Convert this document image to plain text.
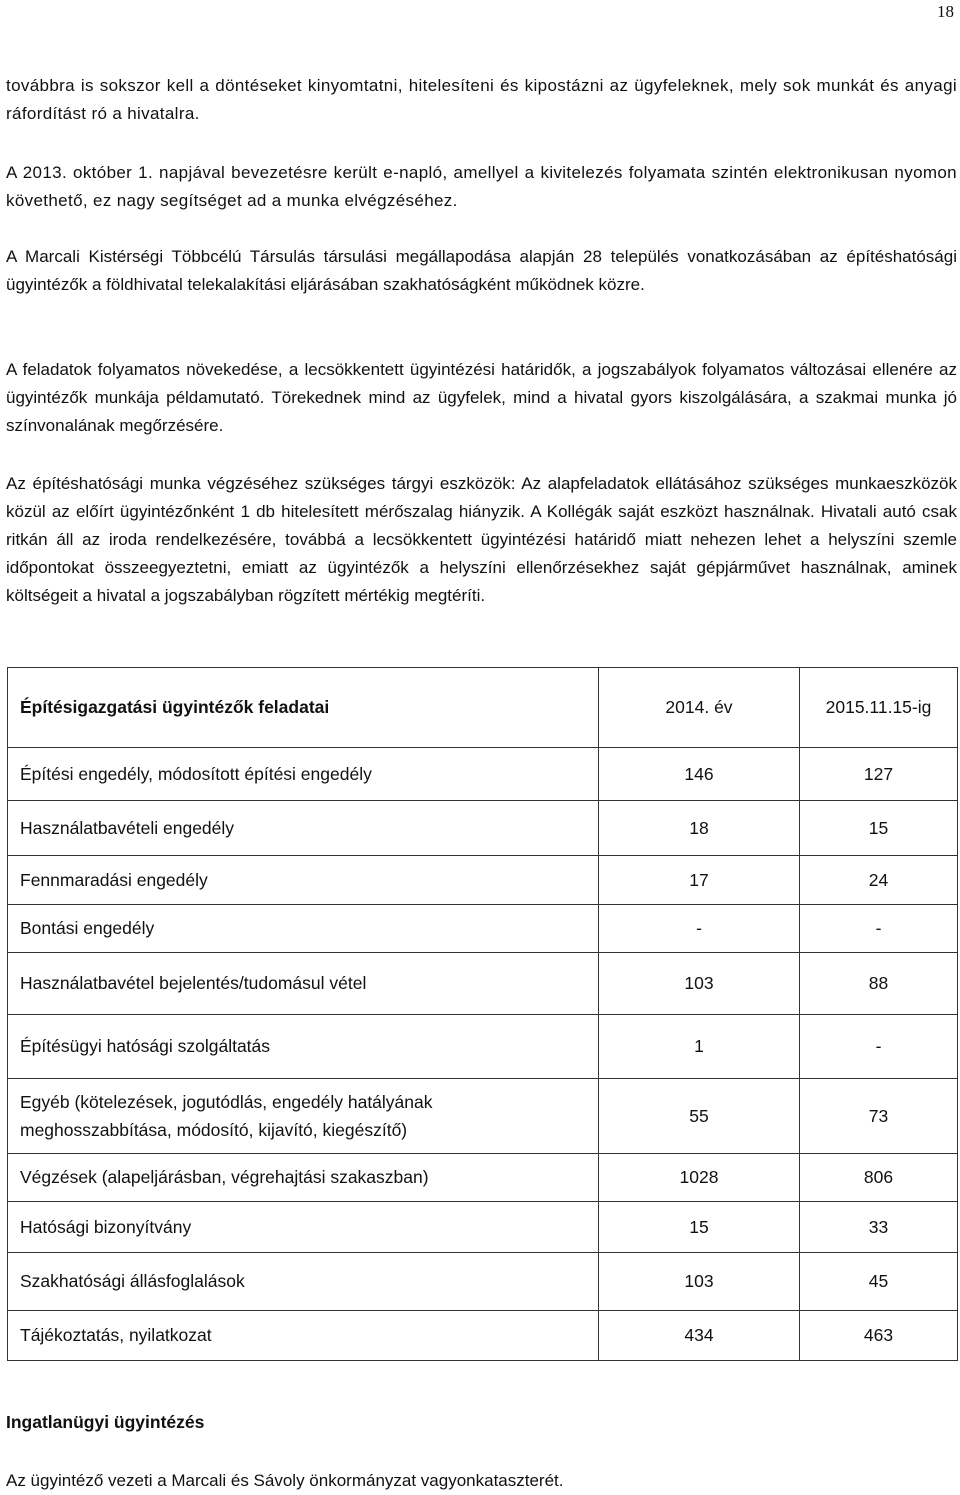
18

továbbra is sokszor kell a döntéseket kinyomtatni, hitelesíteni és kipostázni az ügyfeleknek, mely sok munkát és anyagi ráfordítást ró a hivatalra.

A 2013. október 1. napjával bevezetésre került e-napló, amellyel a kivitelezés folyamata szintén elektronikusan nyomon követhető, ez nagy segítséget ad a munka elvégzéséhez.

A Marcali Kistérségi Többcélú Társulás társulási megállapodása alapján 28 település vonatkozásában az építéshatósági ügyintézők a földhivatal telekalakítási eljárásában szakhatóságként működnek közre.

A feladatok folyamatos növekedése, a lecsökkentett ügyintézési határidők, a jogszabályok folyamatos változásai ellenére az ügyintézők munkája példamutató. Törekednek mind az ügyfelek, mind a hivatal gyors kiszolgálására, a szakmai munka jó színvonalának megőrzésére.

Az építéshatósági munka végzéséhez szükséges tárgyi eszközök: Az alapfeladatok ellátásához szükséges munkaeszközök közül az előírt ügyintézőnként 1 db hitelesített mérőszalag hiányzik. A Kollégák saját eszközt használnak. Hivatali autó csak ritkán áll az iroda rendelkezésére, továbbá a lecsökkentett ügyintézési határidő miatt nehezen lehet a helyszíni szemle időpontokat összeegyeztetni, emiatt az ügyintézők a helyszíni ellenőrzésekhez saját gépjárművet használnak, aminek költségeit a hivatal a jogszabályban rögzített mértékig megtéríti.

Építésigazgatási ügyintézők feladatai	2014. év	2015.11.15-ig
Építési engedély, módosított építési engedély	146	127
Használatbavételi engedély	18	15
Fennmaradási engedély	17	24
Bontási engedély	-	-
Használatbavétel bejelentés/tudomásul vétel	103	88
Építésügyi hatósági szolgáltatás	1	-
Egyéb (kötelezések, jogutódlás, engedély hatályának meghosszabbítása, módosító, kijavító, kiegészítő)	55	73
Végzések (alapeljárásban, végrehajtási szakaszban)	1028	806
Hatósági bizonyítvány	15	33
Szakhatósági állásfoglalások	103	45
Tájékoztatás, nyilatkozat	434	463
Ingatlanügyi ügyintézés

Az ügyintéző vezeti a Marcali és Sávoly önkormányzat vagyonkataszterét.
